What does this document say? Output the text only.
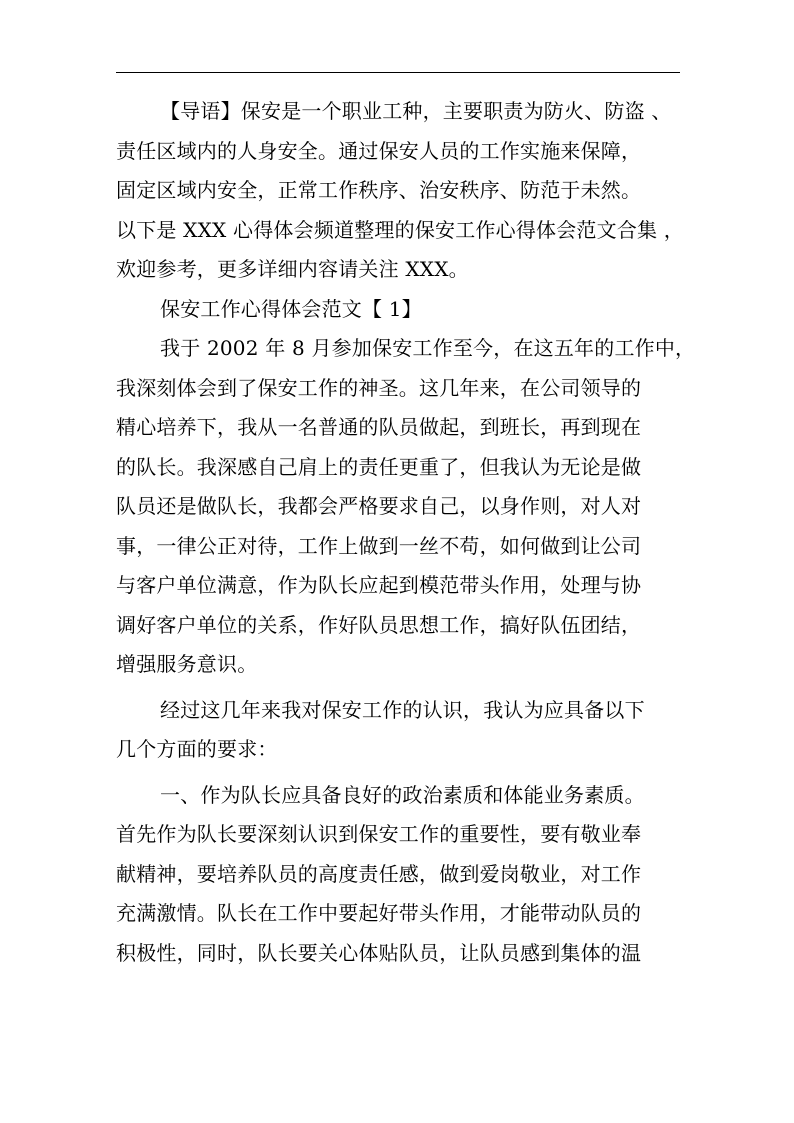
【导语】保安是一个职业工种，主要职责为防火、防盗 、
责任区域内的人身安全。通过保安人员的工作实施来保障，
固定区域内安全，正常工作秩序、治安秩序、防范于未然。
以下是 XXX 心得体会频道整理的保安工作心得体会范文合集 ，
欢迎参考，更多详细内容请关注 XXX。
保安工作心得体会范文【 1】
我于 2002 年 8 月参加保安工作至今，在这五年的工作中，
我深刻体会到了保安工作的神圣。这几年来，在公司领导的
精心培养下，我从一名普通的队员做起，到班长，再到现在
的队长。我深感自己肩上的责任更重了，但我认为无论是做
队员还是做队长，我都会严格要求自己，以身作则，对人对
事，一律公正对待，工作上做到一丝不苟，如何做到让公司
与客户单位满意，作为队长应起到模范带头作用，处理与协
调好客户单位的关系，作好队员思想工作，搞好队伍团结，
增强服务意识。
经过这几年来我对保安工作的认识，我认为应具备以下
几个方面的要求：
一、作为队长应具备良好的政治素质和体能业务素质。
首先作为队长要深刻认识到保安工作的重要性，要有敬业奉
献精神，要培养队员的高度责任感，做到爱岗敬业，对工作
充满激情。队长在工作中要起好带头作用，才能带动队员的
积极性，同时，队长要关心体贴队员，让队员感到集体的温
